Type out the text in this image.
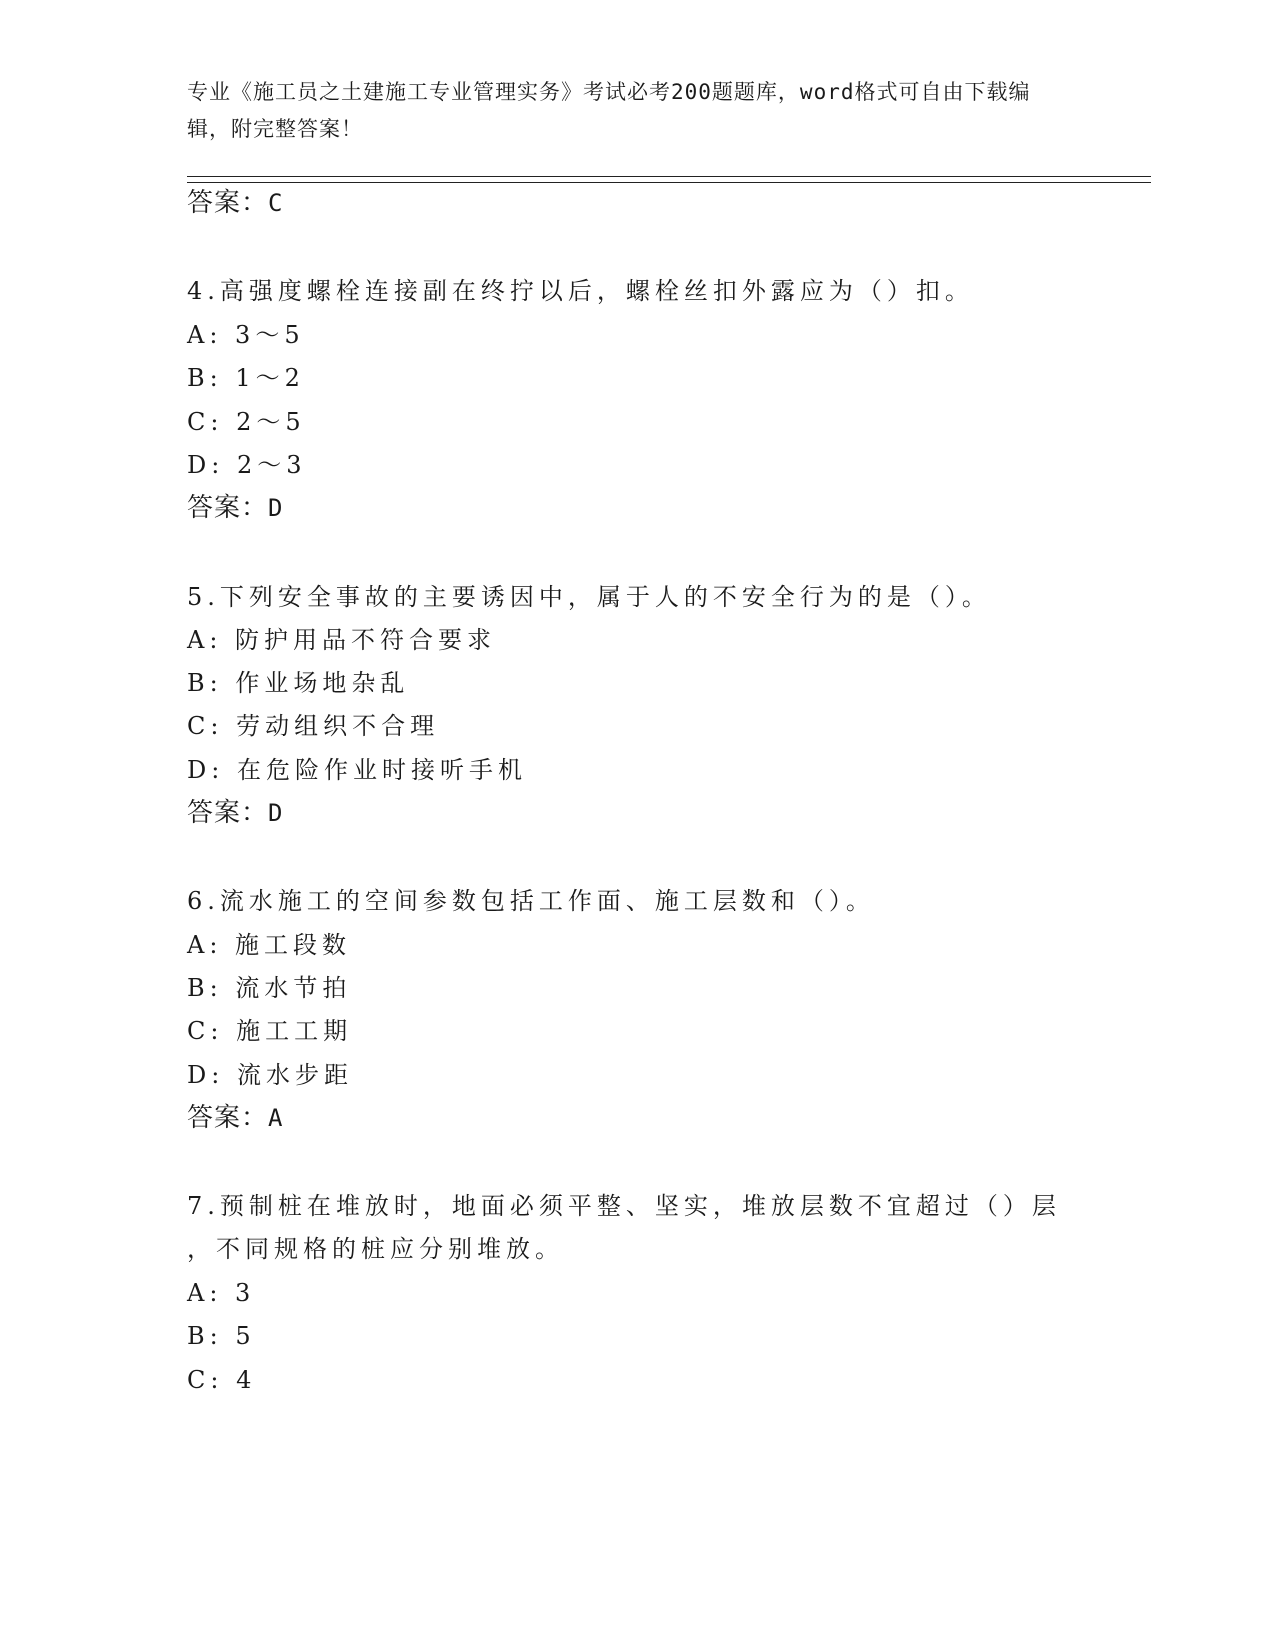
专业《施工员之土建施工专业管理实务》考试必考200题题库，word格式可自由下载编辑，附完整答案！
答案：C
4.高强度螺栓连接副在终拧以后，螺栓丝扣外露应为（）扣。
A: 3～5
B: 1～2
C: 2～5
D: 2～3
答案：D
5.下列安全事故的主要诱因中，属于人的不安全行为的是（）。
A: 防护用品不符合要求
B: 作业场地杂乱
C: 劳动组织不合理
D: 在危险作业时接听手机
答案：D
6.流水施工的空间参数包括工作面、施工层数和（）。
A: 施工段数
B: 流水节拍
C: 施工工期
D: 流水步距
答案：A
7.预制桩在堆放时，地面必须平整、坚实，堆放层数不宜超过（）层
，不同规格的桩应分别堆放。
A: 3
B: 5
C: 4
